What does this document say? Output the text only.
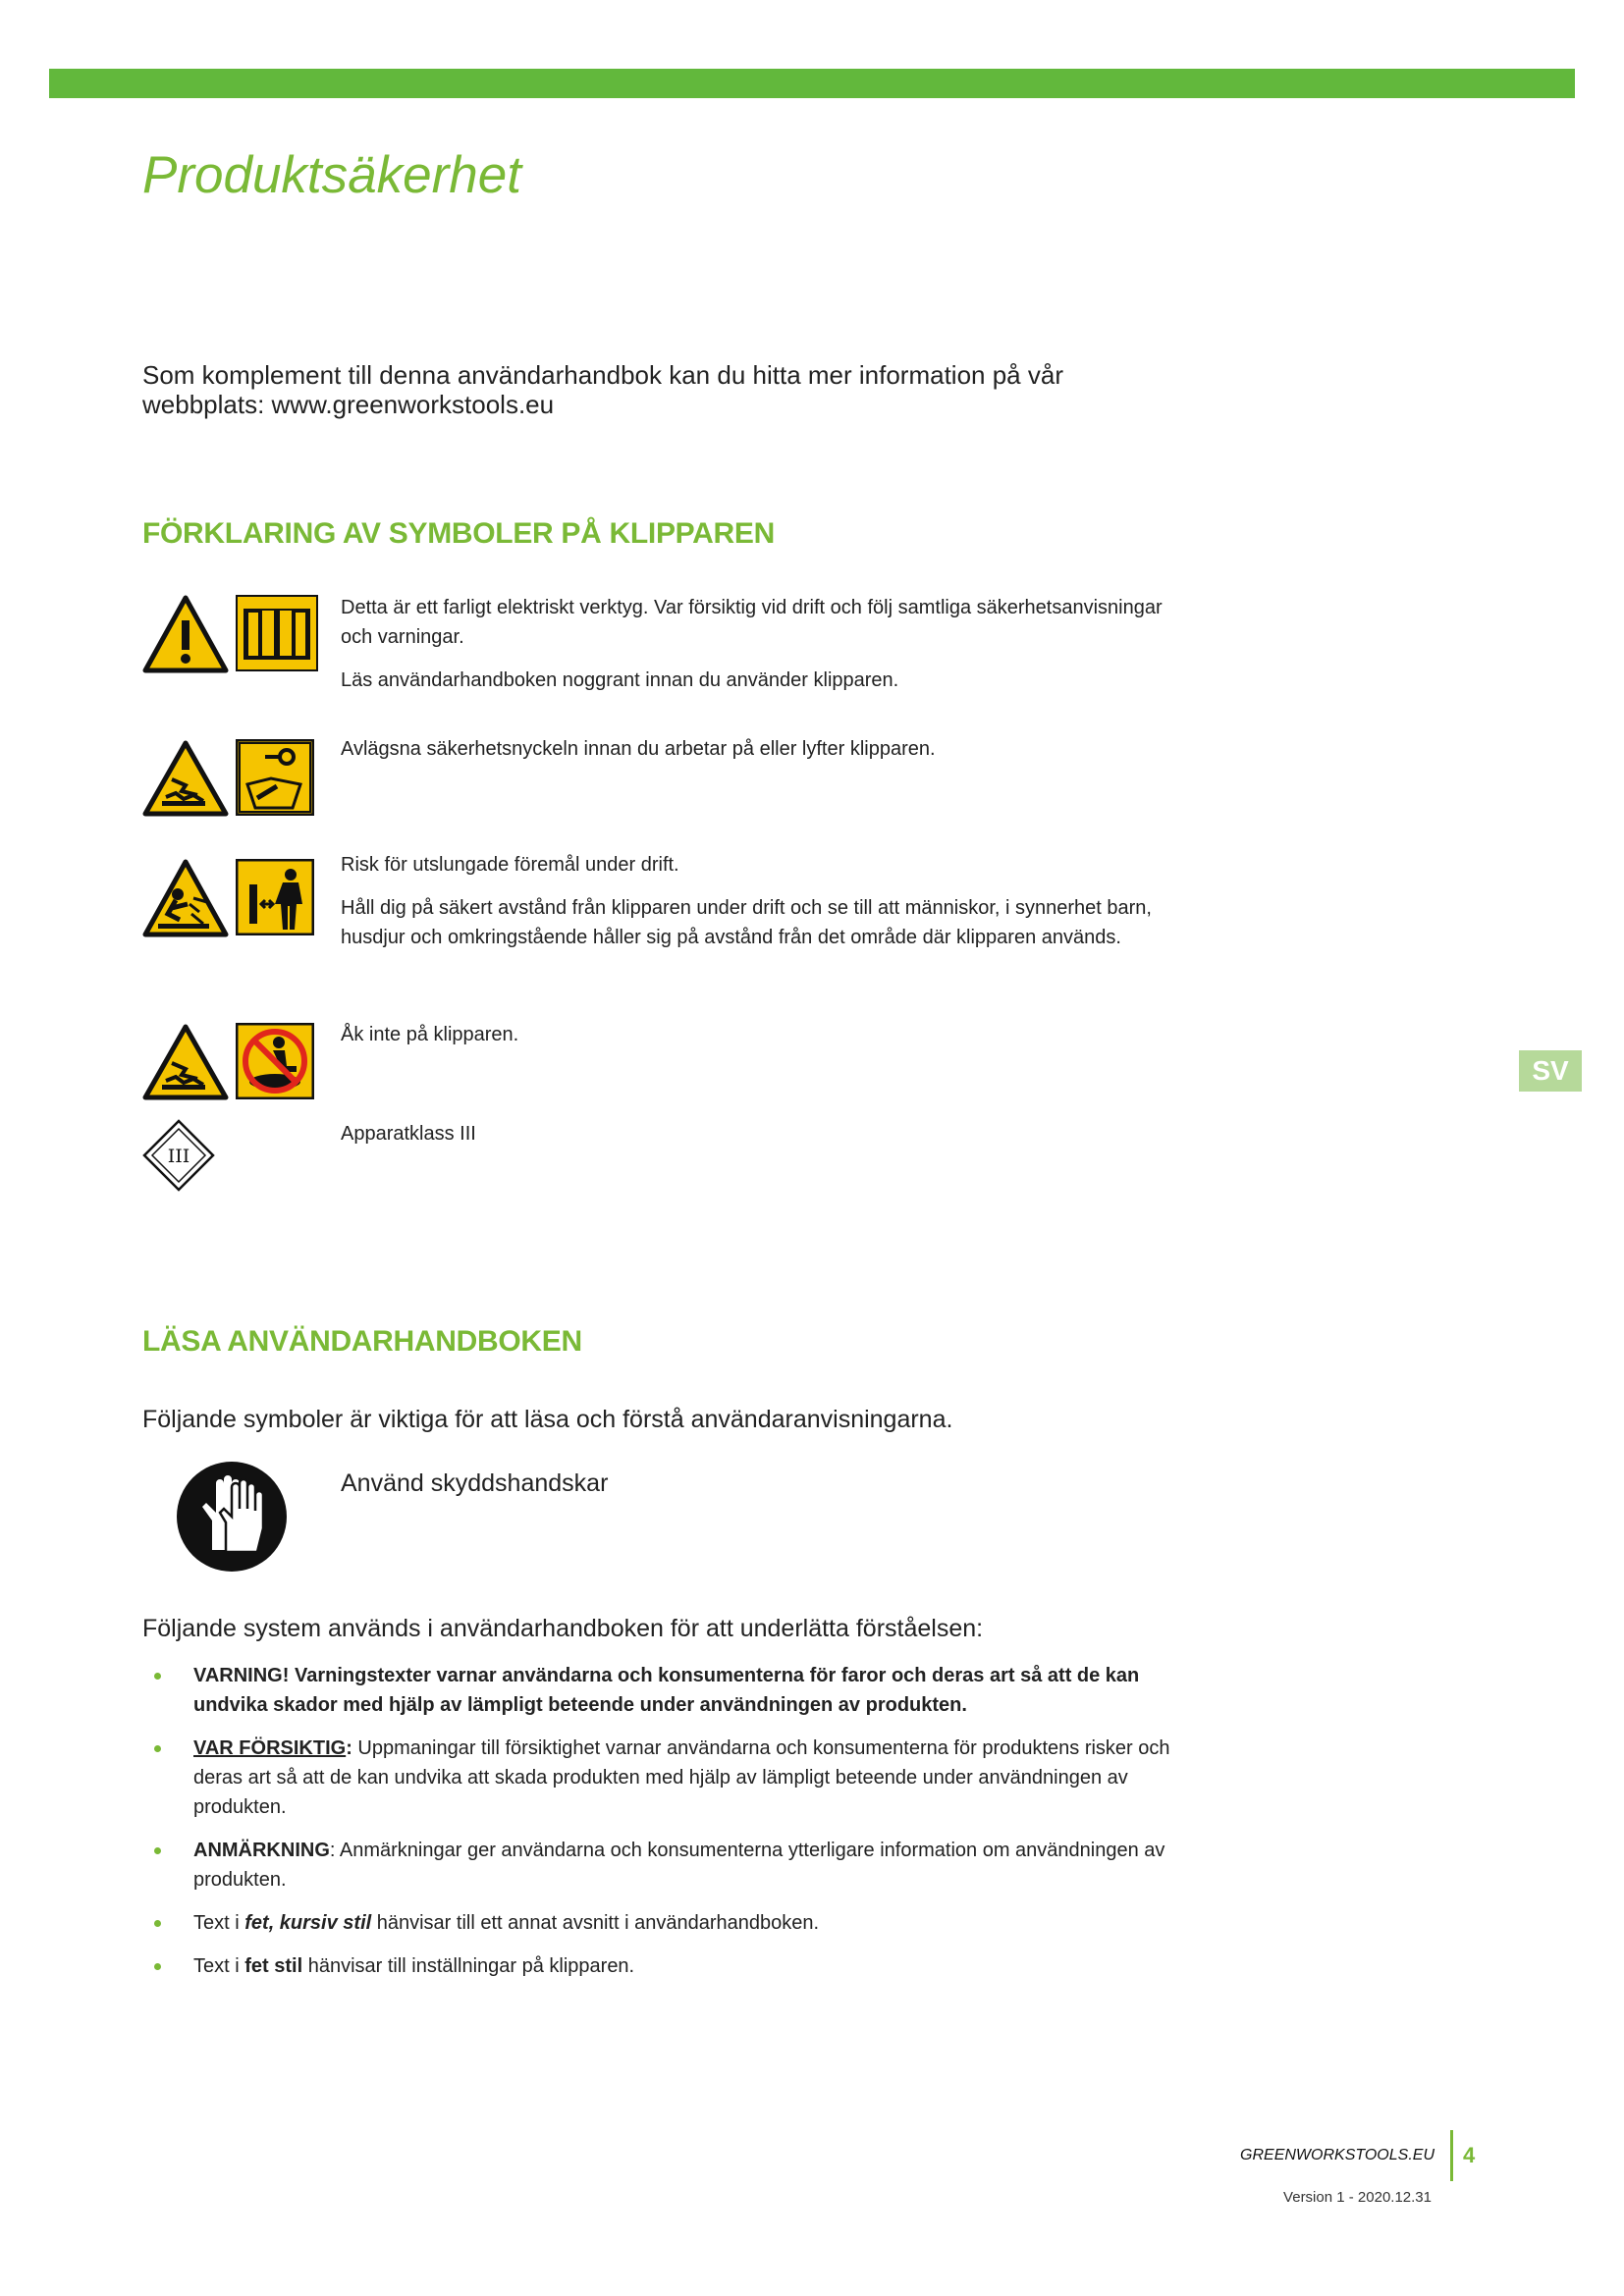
Produktsäkerhet

Som komplement till denna användarhandbok kan du hitta mer information på vår webbplats: www.greenworkstools.eu

FÖRKLARING AV SYMBOLER PÅ KLIPPAREN

Detta är ett farligt elektriskt verktyg. Var försiktig vid drift och följ samtliga säkerhetsanvisningar och varningar.

Läs användarhandboken noggrant innan du använder klipparen.

Avlägsna säkerhetsnyckeln innan du arbetar på eller lyfter klipparen.

Risk för utslungade föremål under drift.

Håll dig på säkert avstånd från klipparen under drift och se till att människor, i synnerhet barn, husdjur och omkringstående håller sig på avstånd från det område där klipparen används.

Åk inte på klipparen.

III

Apparatklass III

SV
LÄSA ANVÄNDARHANDBOKEN

Följande symboler är viktiga för att läsa och förstå användaranvisningarna.

Använd skyddshandskar

Följande system används i användarhandboken för att underlätta förståelsen:

VARNING! Varningstexter varnar användarna och konsumenterna för faror och deras art så att de kan undvika skador med hjälp av lämpligt beteende under användningen av produkten.
VAR FÖRSIKTIG: Uppmaningar till försiktighet varnar användarna och konsumenterna för produktens risker och deras art så att de kan undvika att skada produkten med hjälp av lämpligt beteende under användningen av produkten.
ANMÄRKNING: Anmärkningar ger användarna och konsumenterna ytterligare information om användningen av produkten.
Text i fet, kursiv stil hänvisar till ett annat avsnitt i användarhandboken.
Text i fet stil hänvisar till inställningar på klipparen.

GREENWORKSTOOLS.EU 4

Version 1 - 2020.12.31
